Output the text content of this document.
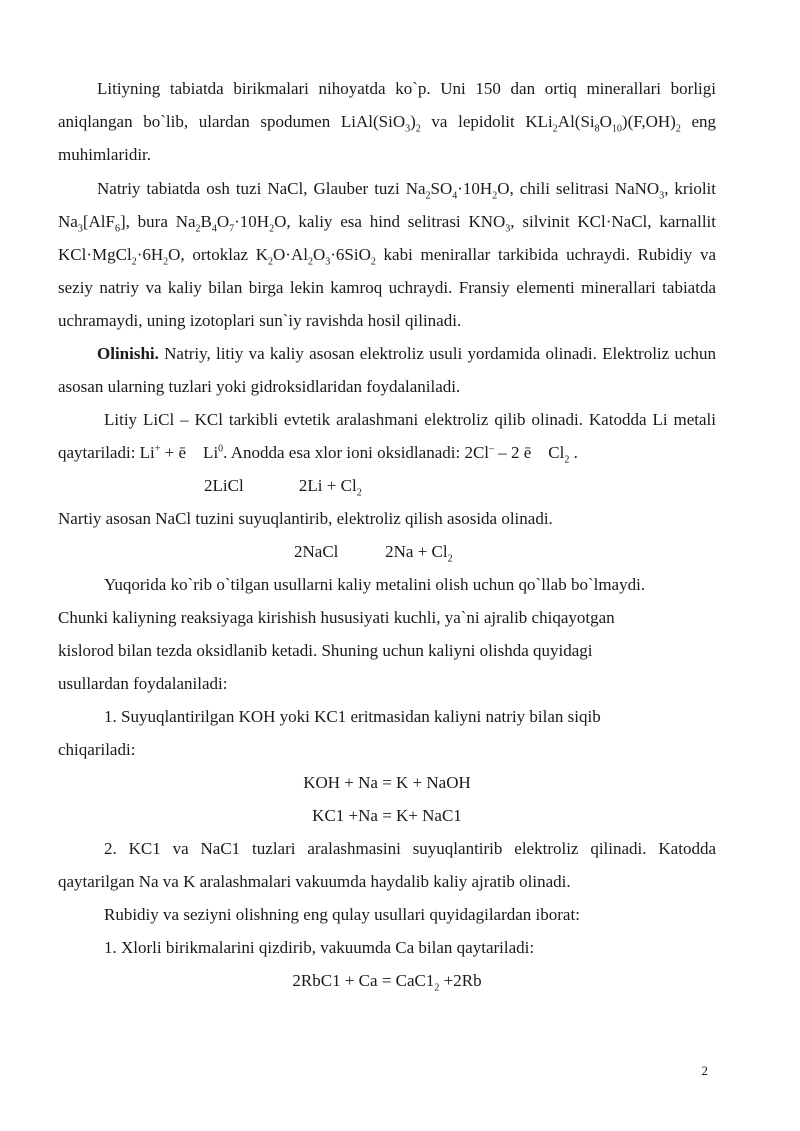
Litiyning tabiatda birikmalari nihoyatda ko`p. Uni 150 dan ortiq minerallari borligi aniqlangan bo`lib, ulardan spodumen $LiAl(SiO_3)_2$ va lepidolit $KLi_2Al(Si_8O_{10})(F,OH)_2$ eng muhimlaridir.

Natriy tabiatda osh tuzi NaCl, Glauber tuzi $Na_2SO_4\cdot 10H_2O$, chili selitrasi NaNO$_3$, kriolit $Na_3[AlF_6]$, bura $Na_2B_4O_7\cdot 10H_2O$, kaliy esa hind selitrasi $KNO_3$, silvinit KCl·NaCl, karnallit $KCl\cdot MgCl_2\cdot 6H_2O$, ortoklaz $K_2O\cdot Al_2O_3\cdot 6SiO_2$ kabi menirallar tarkibida uchraydi. Rubidiy va seziy natriy va kaliy bilan birga lekin kamroq uchraydi. Fransiy elementi minerallari tabiatda uchramaydi, uning izotoplari sun`iy ravishda hosil qilinadi.

Olinishi. Natriy, litiy va kaliy asosan elektroliz usuli yordamida olinadi. Elektroliz uchun asosan ularning tuzlari yoki gidroksidlaridan foydalaniladi.

Litiy LiCl – KCl tarkibli evtetik aralashmani elektroliz qilib olinadi. Katodda Li metali qaytariladi: Li+ + ē    Li$^0$. Anodda esa xlor ioni oksidlanadi: 2Cl– – 2 ē    $Cl_2$ .

2LiCl             $2Li + Cl_2$

Nartiy asosan NaCl tuzini suyuqlantirib, elektroliz qilish asosida olinadi.

2NaCl           $2Na + Cl_2$

Yuqorida ko`rib o`tilgan usullarni kaliy metalini olish uchun qo`llab bo`lmaydi. Chunki kaliyning reaksiyaga kirishish hususiyati kuchli, ya`ni ajralib chiqayotgan kislorod bilan tezda oksidlanib ketadi. Shuning uchun kaliyni olishda quyidagi usullardan foydalaniladi:

1. Suyuqlantirilgan KOH yoki KC1 eritmasidan kaliyni natriy bilan siqib chiqariladi:

KOH + Na = K + NaOH

KC1 +Na = K+ NaC1

2. KC1 va NaC1 tuzlari aralashmasini suyuqlantirib elektroliz qilinadi. Katodda qaytarilgan Na va K aralashmalari vakuumda haydalib kaliy ajratib olinadi.

Rubidiy va seziyni olishning eng qulay usullari quyidagilardan iborat:

1. Xlorli birikmalarini qizdirib, vakuumda Ca bilan qaytariladi:

$2RbC1 + Ca = CaC1_2 +2Rb$

2
